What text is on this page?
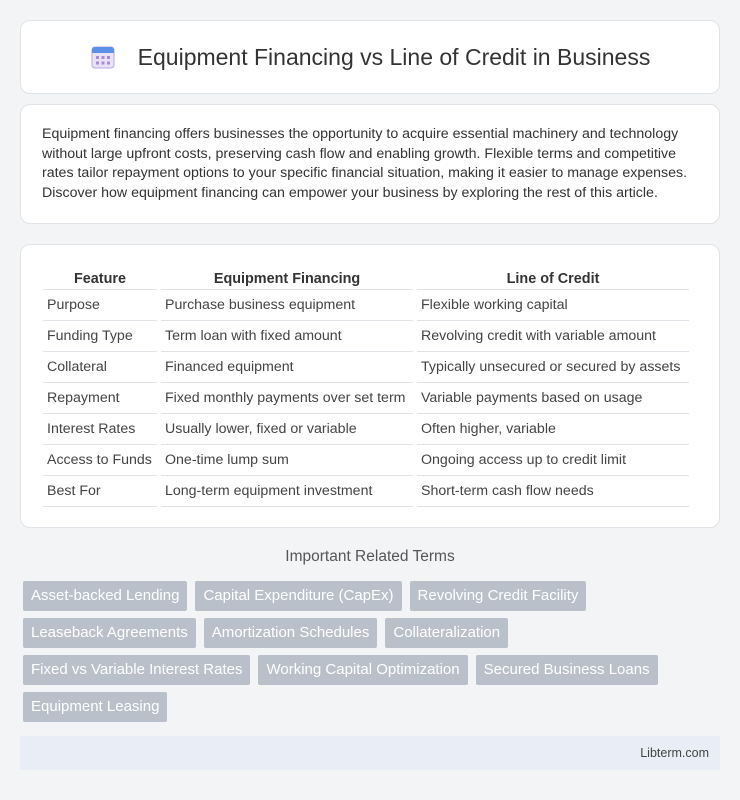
Equipment Financing vs Line of Credit in Business

Equipment financing offers businesses the opportunity to acquire essential machinery and technology without large upfront costs, preserving cash flow and enabling growth. Flexible terms and competitive rates tailor repayment options to your specific financial situation, making it easier to manage expenses. Discover how equipment financing can empower your business by exploring the rest of this article.

Feature	Equipment Financing	Line of Credit
Purpose	Purchase business equipment	Flexible working capital
Funding Type	Term loan with fixed amount	Revolving credit with variable amount
Collateral	Financed equipment	Typically unsecured or secured by assets
Repayment	Fixed monthly payments over set term	Variable payments based on usage
Interest Rates	Usually lower, fixed or variable	Often higher, variable
Access to Funds	One-time lump sum	Ongoing access up to credit limit
Best For	Long-term equipment investment	Short-term cash flow needs
Important Related Terms
Asset-backed Lending	Capital Expenditure (CapEx)	Revolving Credit Facility
Leaseback Agreements	Amortization Schedules	Collateralization
Fixed vs Variable Interest Rates	Working Capital Optimization	Secured Business Loans
Equipment Leasing
Libterm.com
